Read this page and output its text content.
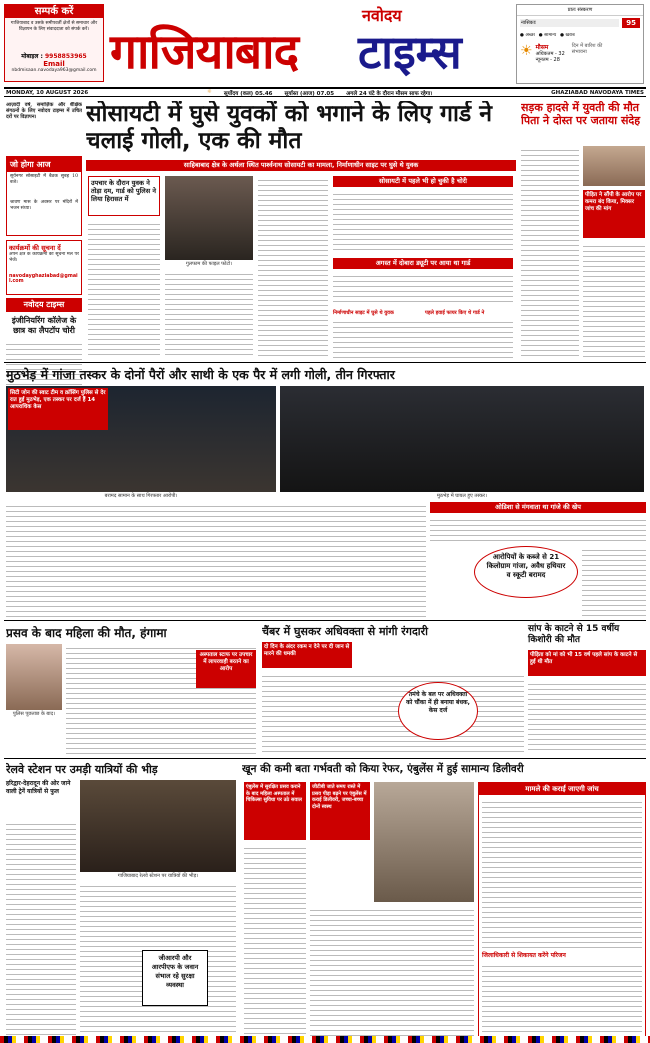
सम्पर्क करें
गाजियाबाद व उसके समीपवर्ती क्षेत्रों से समाचार और विज्ञापन के लिए संवाददाता को संपर्क करें।
मोबाइल : 9958853965
Email
nbdmisaan.navodaya963@gmail.com
नवोदय
गाजियाबाद टाइम्स
प्रातः संस्करण
नासिकाः	95
● अच्छा ● सामान्य ● खराब
☀ मौसम
अधिकतम - 32
न्यूनतम - 28
दिन में बारिश की संभावना
MONDAY, 10 AUGUST 2026	☼ सूर्योदय (कल) 05.46 सूर्यास्त (आज) 07.05 अगले 24 घंटे के दौरान मौसम साफ रहेगा।	GHAZIABAD NAVODAYA TIMES
आज़ादी वर्ष, समाज़िक और शैक्षिक संगठनों के लिए नवोदय टाइम्स में उचित दरों पर विज्ञापन।
जो होगा आज
सूर्यनगर सोसाइटी में बैठक सुबह 10 बजे।
श्रावण मास के अवसर पर मंदिरों में भजन संध्या।
कार्यक्रमों की सूचना दें
अपने क्षेत्र के कार्यक्रमों की सूचना मेल पर भेजें।
navodayghaziabad@gmail.com
नवोदय टाइम्स
इंजीनियरिंग कॉलेज के छात्र का लैपटॉप चोरी
सोसायटी में घुसे युवकों को भगाने के लिए गार्ड ने चलाई गोली, एक की मौत
साहिबाबाद क्षेत्र के अर्थला स्थित पार्श्वनाथ सोसायटी का मामला, निर्माणाधीन साइट पर घुसे थे युवक
उपचार के दौरान युवक ने तोड़ा दम, गार्ड को पुलिस ने लिया हिरासत में
गुलफाम की फाइल फोटो।
सोसायटी में पहले भी हो चुकी है चोरी
अगस्त में दोबारा ड्यूटी पर आया था गार्ड
निर्माणाधीन साइट में घुसे थे युवक	पहले हवाई फायर किए थे गार्ड ने
सड़क हादसे में युवती की मौत पिता ने दोस्त पर जताया संदेह
पीड़ित ने सौंपी के आरोप पर कमरा बंद किया, मिक्सर जांच की मांग
मुठभेड़ में गांजा तस्कर के दोनों पैरों और साथी के एक पैर में लगी गोली, तीन गिरफ्तार
सिटी जोन की स्वाट टीम व क्रॉसिंग पुलिस से देर रात हुई मुठभेड़, एक तस्कर पर दर्ज हैं 14 आपराधिक केस
बरामद सामान के साथ गिरफ्तार आरोपी।	मुठभेड़ में घायल हुए तस्कर।
ओडिशा से मंगवाता था गांजे की खेप
आरोपियों के कब्जे से 21 किलोग्राम गांजा, अवैध हथियार व स्कूटी बरामद
प्रसव के बाद महिला की मौत, हंगामा
पुलिस पूछताछ के बाद।
अस्पताल स्टाफ पर उपचार में लापरवाही बरतने का आरोप
चैंबर में घुसकर अधिवक्ता से मांगी रंगदारी
दो दिन के अंदर रकम न देने पर दी जान से मारने की धमकी
तमंचे के बल पर अधिवक्ता को चौंका में ही बनाया बंधक, केस दर्ज
सांप के काटने से 15 वर्षीय किशोरी की मौत
पीड़िता को मां को भी 15 वर्ष पहले सांप के काटने से हुई थी मौत
रेलवे स्टेशन पर उमड़ी यात्रियों की भीड़
हरिद्वार-देहरादून की ओर जाने वाली ट्रेनें यात्रियों से फुल
गाजियाबाद रेलवे स्टेशन पर यात्रियों की भीड़।
जीआरपी और आरपीएफ के जवान संभाल रहे सुरक्षा व्यवस्था
खून की कमी बता गर्भवती को किया रेफर, एंबुलेंस में हुई सामान्य डिलीवरी
एंबुलेंस में सुरक्षित प्रसव कराने के बाद महिला अस्पताल में चिकित्सा सुविधा पर उठे सवाल
जीटीबी जाते समय रास्ते में प्रसव पीड़ा बढ़ने पर एंबुलेंस में कराई डिलीवरी, जच्चा-बच्चा दोनों स्वस्थ
मामले की कराई जाएगी जांच
जिलाधिकारी से शिकायत करेंगे परिजन
